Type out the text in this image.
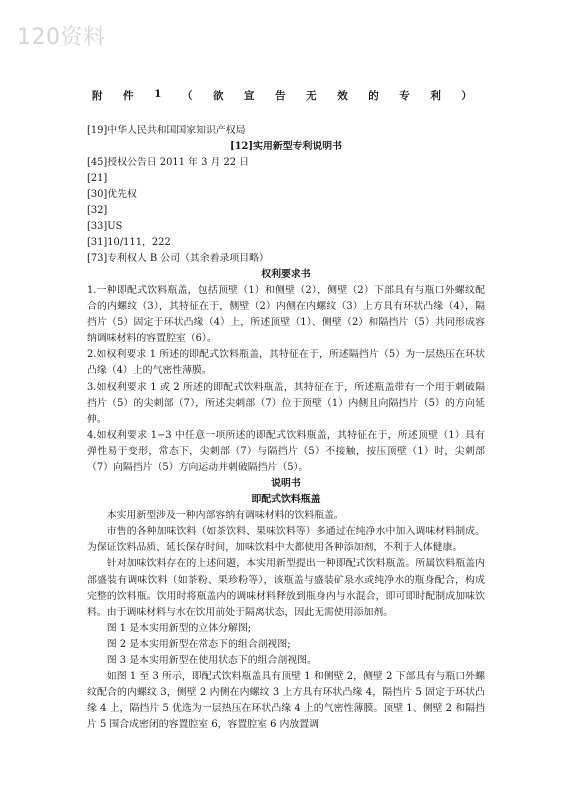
120资料
附 件 1 （ 欲 宣 告 无 效 的 专 利 ）
[19]中华人民共和国国家知识产权局
[12]实用新型专利说明书
[45]授权公告日 2011 年 3 月 22 日
[21]
[30]优先权
[32]
[33]US
[31]10/111，222
[73]专利权人 B 公司（其余着录项目略）
权利要求书

1.一种即配式饮料瓶盖，包括顶壁（1）和侧壁（2），侧壁（2）下部具有与瓶口外螺纹配合的内螺纹（3），其特征在于，侧壁（2）内侧在内螺纹（3）上方具有环状凸缘（4），隔挡片（5）固定于环状凸缘（4）上，所述顶壁（1）、侧壁（2）和隔挡片（5）共同形成容纳调味材料的容置腔室（6）。

2.如权利要求 1 所述的即配式饮料瓶盖，其特征在于，所述隔挡片（5）为一层热压在环状凸缘（4）上的气密性薄膜。

3.如权利要求 1 或 2 所述的即配式饮料瓶盖，其特征在于，所述瓶盖带有一个用于刺破隔挡片（5）的尖刺部（7），所述尖刺部（7）位于顶壁（1）内侧且向隔挡片（5）的方向延伸。

4.如权利要求 1−3 中任意一项所述的即配式饮料瓶盖，其特征在于，所述顶壁（1）具有弹性易于变形，常态下，尖刺部（7）与隔挡片（5）不接触，按压顶壁（1）时，尖刺部（7）向隔挡片（5）方向运动并刺破隔挡片（5）。

说明书
即配式饮料瓶盖

本实用新型涉及一种内部容纳有调味材料的饮料瓶盖。

市售的各种加味饮料（如茶饮料、果味饮料等）多通过在纯净水中加入调味材料制成。为保证饮料品质、延长保存时间，加味饮料中大都使用各种添加剂，不利于人体健康。

针对加味饮料存在的上述问题，本实用新型提出一种即配式饮料瓶盖。所属饮料瓶盖内部盛装有调味饮料（如茶粉、果珍粉等），该瓶盖与盛装矿泉水或纯净水的瓶身配合，构成完整的饮料瓶。饮用时将瓶盖内的调味材料释放到瓶身内与水混合，即可即时配制成加味饮料。由于调味材料与水在饮用前处于隔离状态，因此无需使用添加剂。

图 1 是本实用新型的立体分解图;

图 2 是本实用新型在常态下的组合剖视图;

图 3 是本实用新型在使用状态下的组合剖视图。

如图 1 至 3 所示，即配式饮料瓶盖具有顶壁 1 和侧壁 2，侧壁 2 下部具有与瓶口外螺纹配合的内螺纹 3，侧壁 2 内侧在内螺纹 3 上方具有环状凸缘 4，隔挡片 5 固定于环状凸缘 4 上，隔挡片 5 优选为一层热压在环状凸缘 4 上的气密性薄膜。顶壁 1、侧壁 2 和隔挡片 5 围合成密闭的容置腔室 6，容置腔室 6 内放置调
